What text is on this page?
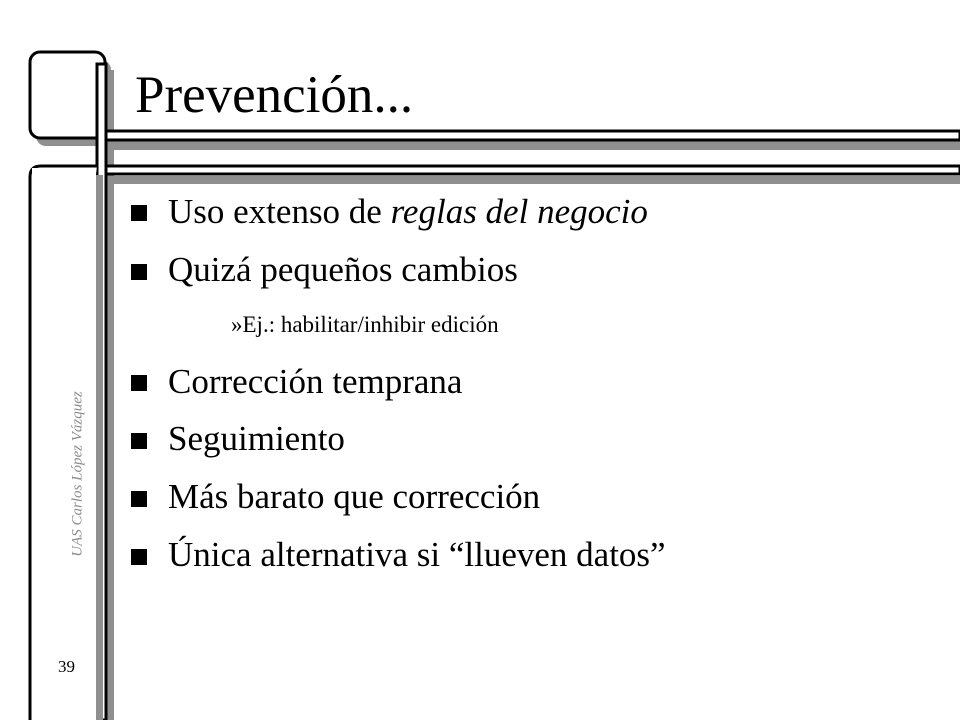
Prevención...
UAS Carlos López Vázquez
39
Uso extenso de reglas del negocio
Quizá pequeños cambios
»Ej.: habilitar/inhibir edición
Corrección temprana
Seguimiento
Más barato que corrección
Única alternativa si “llueven datos”
